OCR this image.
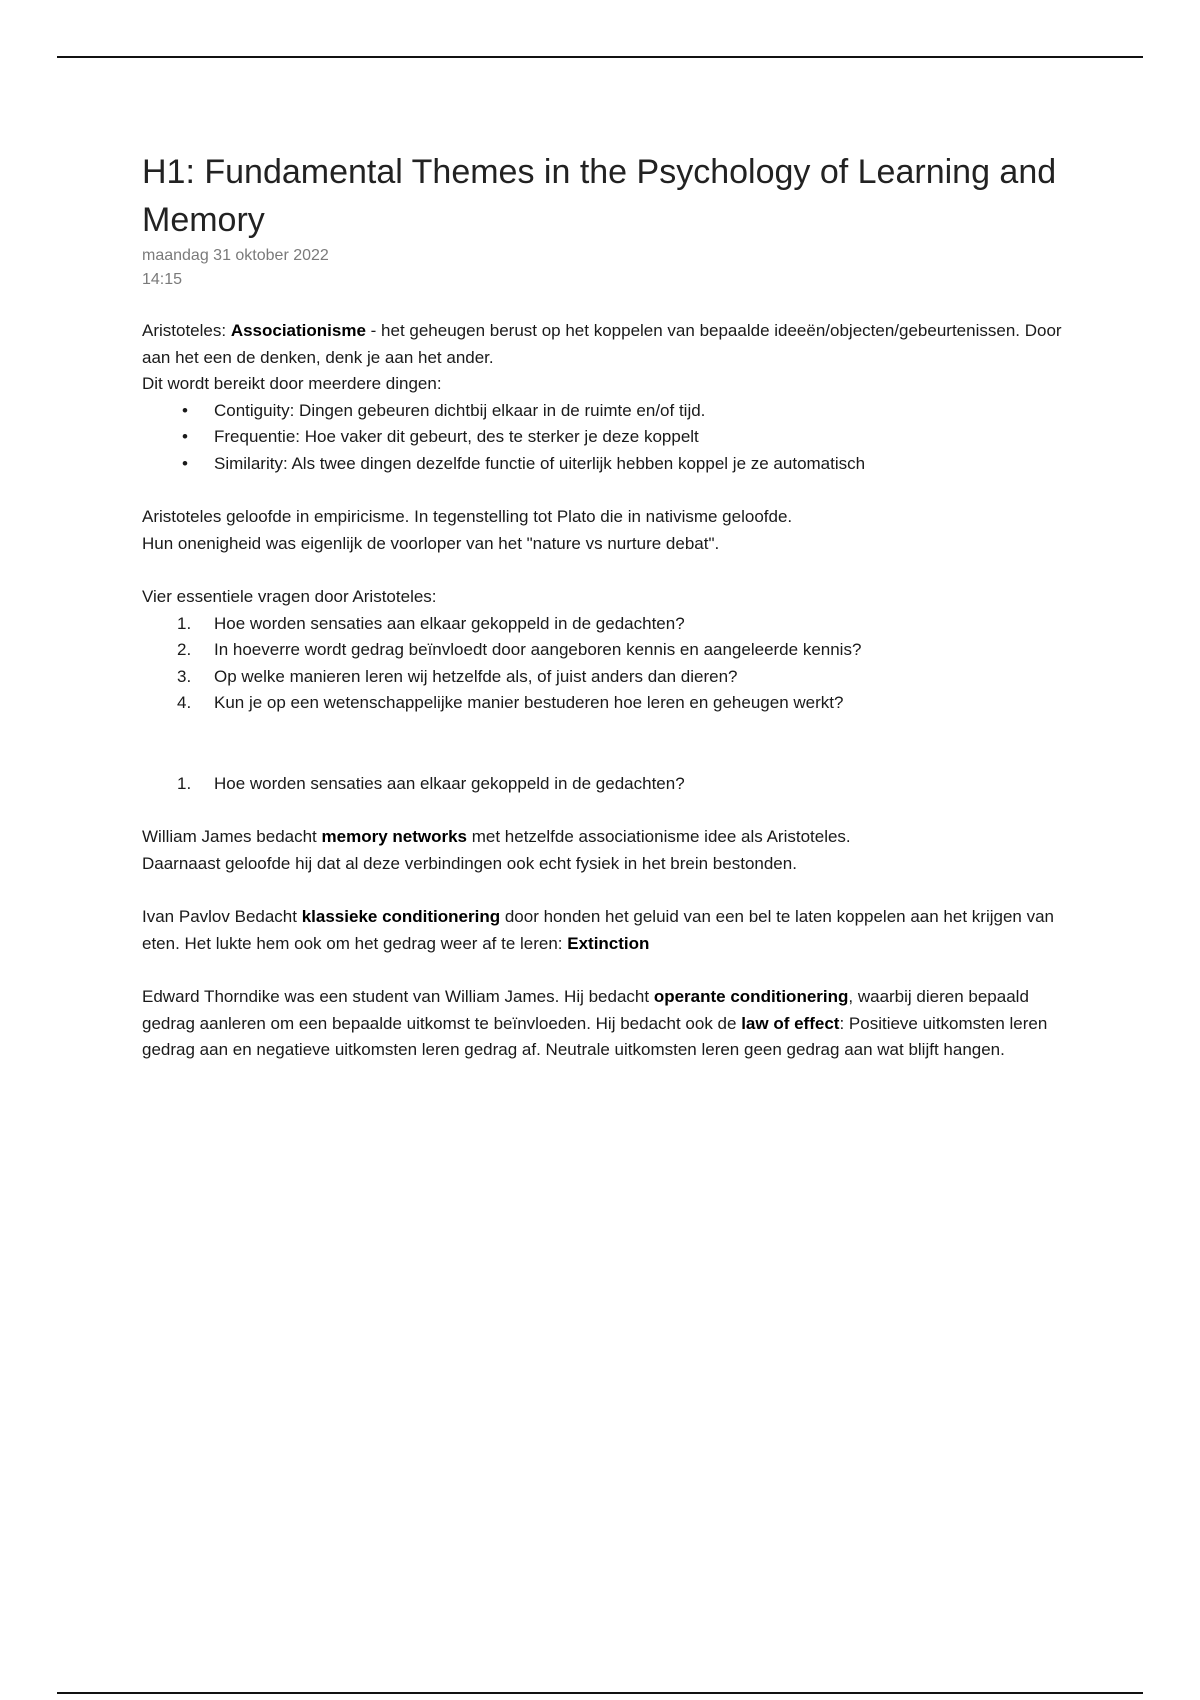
H1: Fundamental Themes in the Psychology of Learning and Memory
maandag 31 oktober 2022
14:15

Aristoteles: Associationisme - het geheugen berust op het koppelen van bepaalde ideeën/objecten/gebeurtenissen. Door aan het een de denken, denk je aan het ander.

Dit wordt bereikt door meerdere dingen:

• Contiguity: Dingen gebeuren dichtbij elkaar in de ruimte en/of tijd.
• Frequentie: Hoe vaker dit gebeurt, des te sterker je deze koppelt
• Similarity: Als twee dingen dezelfde functie of uiterlijk hebben koppel je ze automatisch

Aristoteles geloofde in empiricisme. In tegenstelling tot Plato die in nativisme geloofde.

Hun onenigheid was eigenlijk de voorloper van het "nature vs nurture debat".

Vier essentiele vragen door Aristoteles:

1. Hoe worden sensaties aan elkaar gekoppeld in de gedachten?
2. In hoeverre wordt gedrag beïnvloedt door aangeboren kennis en aangeleerde kennis?
3. Op welke manieren leren wij hetzelfde als, of juist anders dan dieren?
4. Kun je op een wetenschappelijke manier bestuderen hoe leren en geheugen werkt?
1. Hoe worden sensaties aan elkaar gekoppeld in de gedachten?

William James bedacht memory networks met hetzelfde associationisme idee als Aristoteles.

Daarnaast geloofde hij dat al deze verbindingen ook echt fysiek in het brein bestonden.

Ivan Pavlov Bedacht klassieke conditionering door honden het geluid van een bel te laten koppelen aan het krijgen van eten. Het lukte hem ook om het gedrag weer af te leren: Extinction

Edward Thorndike was een student van William James. Hij bedacht operante conditionering, waarbij dieren bepaald gedrag aanleren om een bepaalde uitkomst te beïnvloeden. Hij bedacht ook de law of effect: Positieve uitkomsten leren gedrag aan en negatieve uitkomsten leren gedrag af. Neutrale uitkomsten leren geen gedrag aan wat blijft hangen.
